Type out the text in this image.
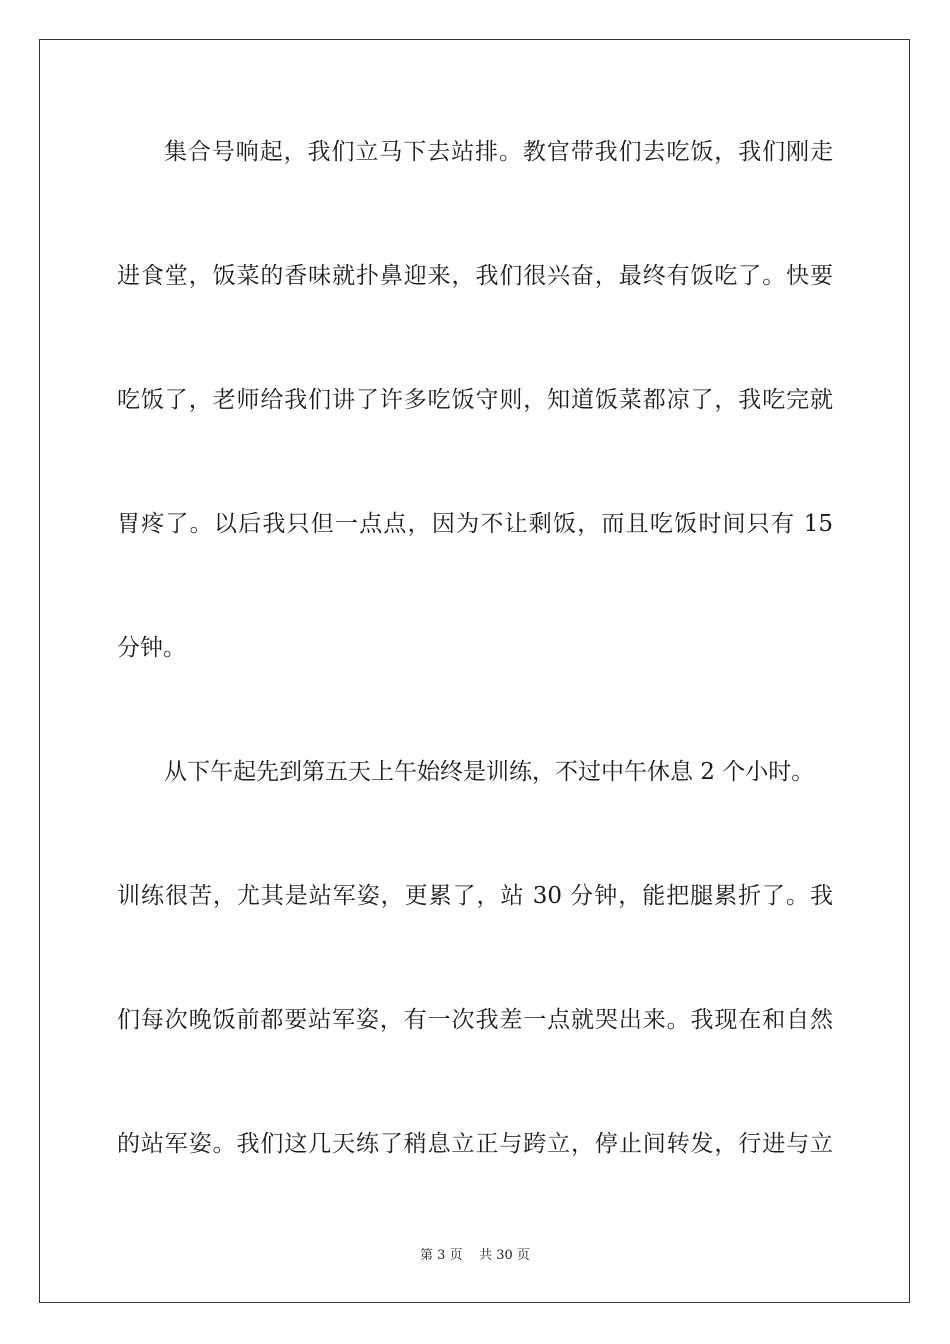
集合号响起，我们立马下去站排。教官带我们去吃饭，我们刚走
进食堂，饭菜的香味就扑鼻迎来，我们很兴奋，最终有饭吃了。快要
吃饭了，老师给我们讲了许多吃饭守则，知道饭菜都凉了，我吃完就
胃疼了。以后我只但一点点，因为不让剩饭，而且吃饭时间只有 15
分钟。
从下午起先到第五天上午始终是训练，不过中午休息 2 个小时。
训练很苦，尤其是站军姿，更累了，站 30 分钟，能把腿累折了。我
们每次晚饭前都要站军姿，有一次我差一点就哭出来。我现在和自然
的站军姿。我们这几天练了稍息立正与跨立，停止间转发，行进与立
第 3 页 共 30 页
